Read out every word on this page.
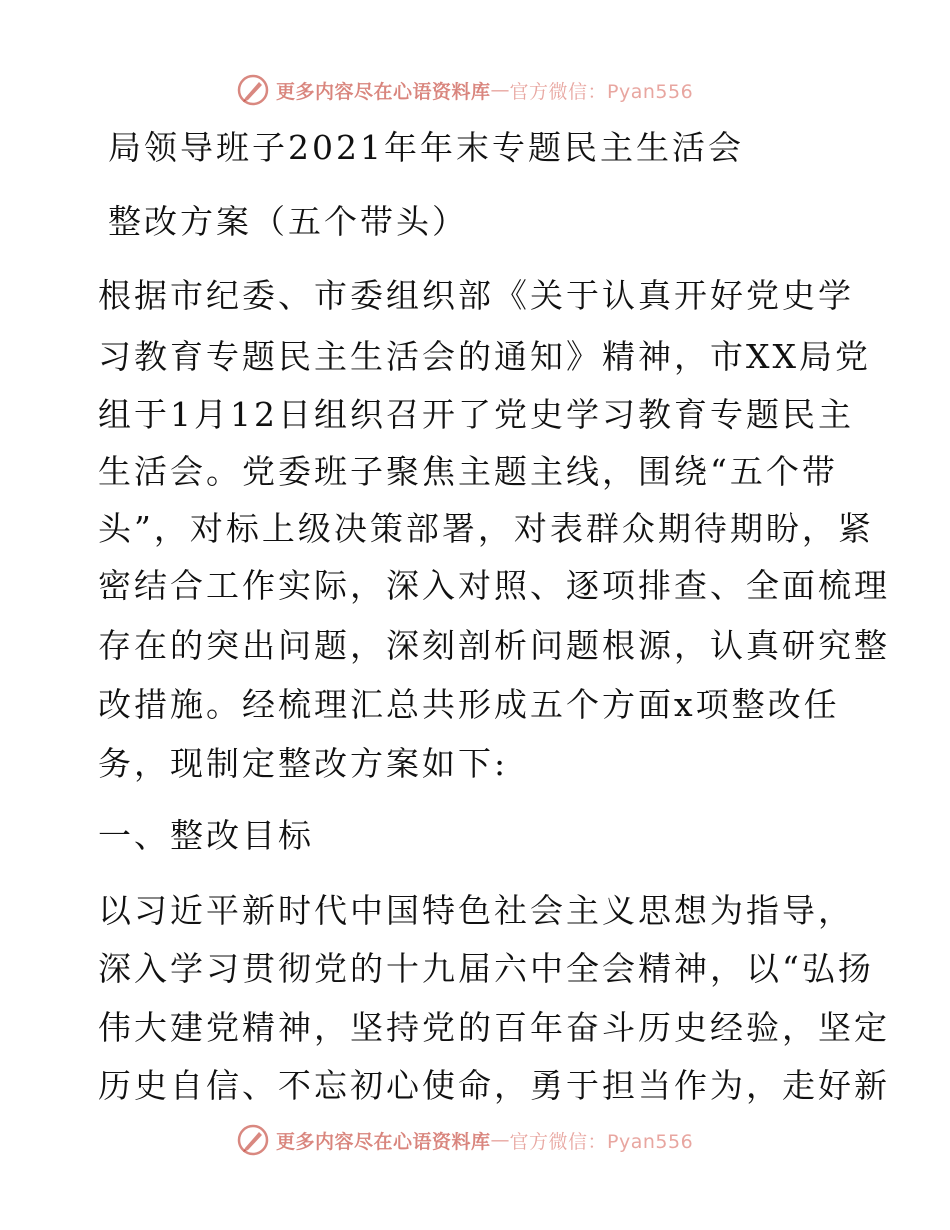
更多内容尽在心语资料库 — 官方微信：Pyan556
局领导班子2021年年末专题民主生活会
整改方案（五个带头）
根据市纪委、市委组织部《关于认真开好党史学
习教育专题民主生活会的通知》精神，市XX局党
组于1月12日组织召开了党史学习教育专题民主
生活会。党委班子聚焦主题主线，围绕“五个带
头”，对标上级决策部署，对表群众期待期盼，紧
密结合工作实际，深入对照、逐项排查、全面梳理
存在的突出问题，深刻剖析问题根源，认真研究整
改措施。经梳理汇总共形成五个方面x项整改任
务，现制定整改方案如下:
一、整改目标
以习近平新时代中国特色社会主义思想为指导，
深入学习贯彻党的十九届六中全会精神，以“弘扬
伟大建党精神，坚持党的百年奋斗历史经验，坚定
历史自信、不忘初心使命，勇于担当作为，走好新
更多内容尽在心语资料库 — 官方微信：Pyan556
